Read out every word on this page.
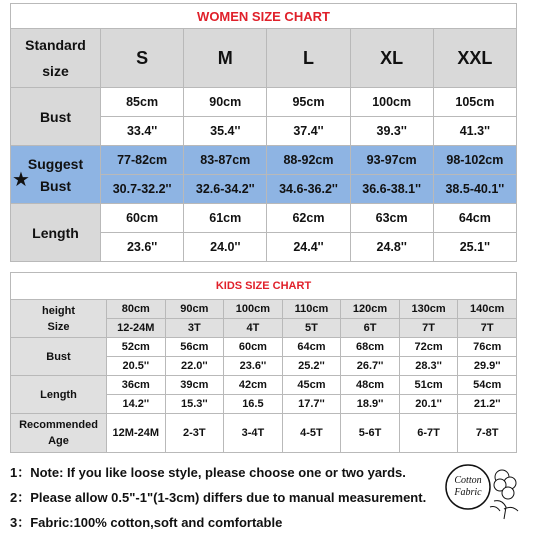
WOMEN SIZE CHART					

Standard
size	S	M	L	XL	XXL
Bust	85cm	90cm	95cm	100cm	105cm
	33.4''	35.4''	37.4''	39.3''	41.3''

Suggest
Bust	77-82cm	83-87cm	88-92cm	93-97cm	98-102cm
	30.7-32.2''	32.6-34.2''	34.6-36.2''	36.6-38.1''	38.5-40.1''
Length	60cm	61cm	62cm	63cm	64cm
	23.6''	24.0''	24.4''	24.8''	25.1''
★
KIDS SIZE CHART							

height
Size	80cm	90cm	100cm	110cm	120cm	130cm	140cm
	12-24M	3T	4T	5T	6T	7T	7T
Bust	52cm	56cm	60cm	64cm	68cm	72cm	76cm
	20.5''	22.0''	23.6''	25.2''	26.7''	28.3''	29.9''
Length	36cm	39cm	42cm	45cm	48cm	51cm	54cm
	14.2''	15.3''	16.5	17.7''	18.9''	20.1''	21.2''

Recommended
Age	12M-24M	2-3T	3-4T	4-5T	5-6T	6-7T	7-8T
1：Note: If you like loose style, please choose one or two yards.
2：Please allow 0.5"-1"(1-3cm) differs due to manual measurement.
3：Fabric:100% cotton,soft and comfortable
Cotton
Fabric
